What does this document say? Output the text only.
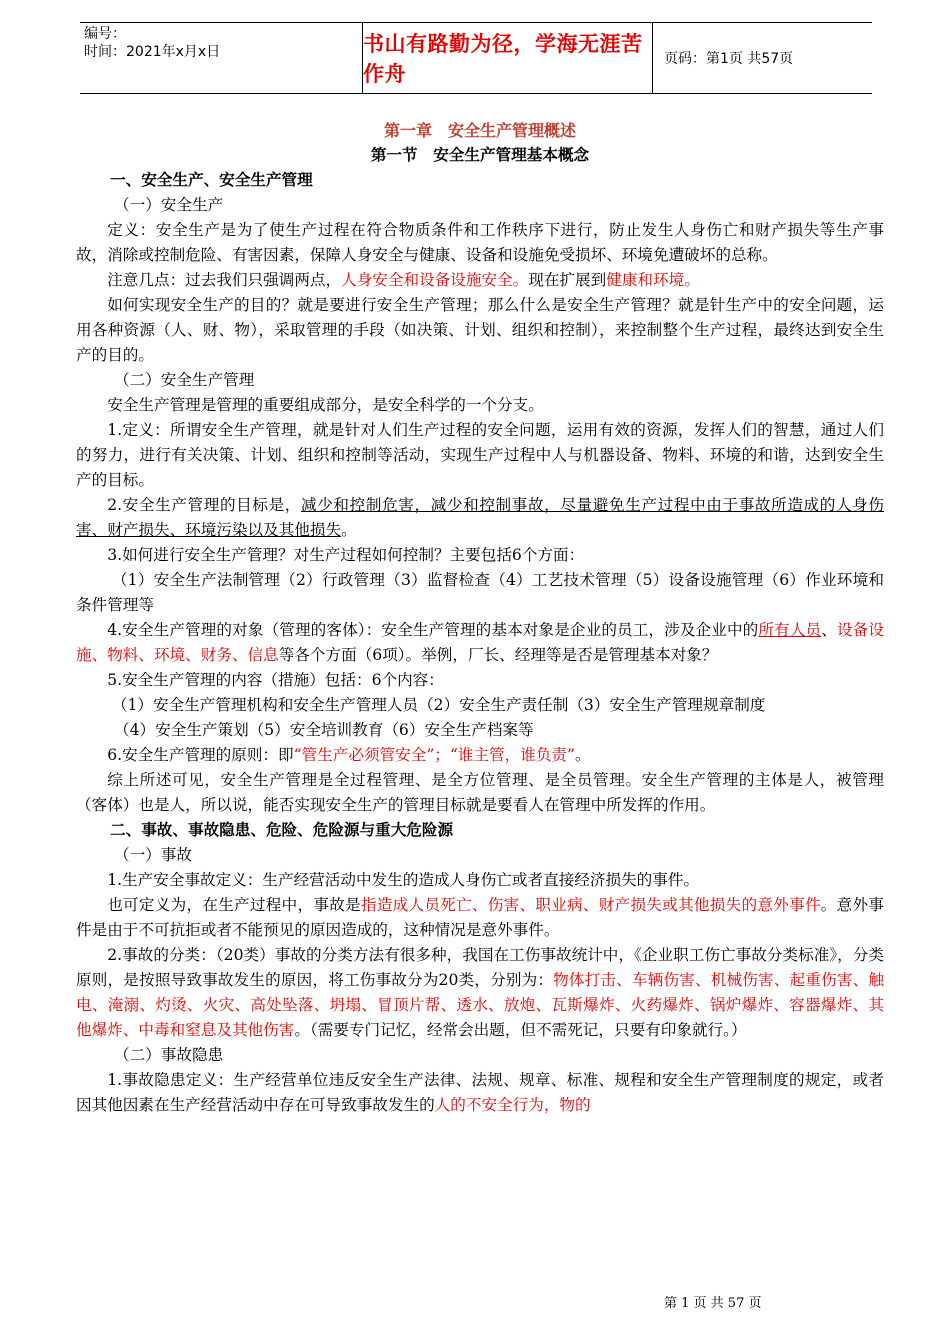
编号：
时间：2021年x月x日	书山有路勤为径，学海无涯苦作舟
页码：第1页 共57页

第一章　安全生产管理概述

第一节　安全生产管理基本概念

一、安全生产、安全生产管理

（一）安全生产

定义：安全生产是为了使生产过程在符合物质条件和工作秩序下进行，防止发生人身伤亡和财产损失等生产事故，消除或控制危险、有害因素，保障人身安全与健康、设备和设施免受损坏、环境免遭破坏的总称。

注意几点：过去我们只强调两点，人身安全和设备设施安全。现在扩展到健康和环境。

如何实现安全生产的目的？就是要进行安全生产管理；那么什么是安全生产管理？就是针生产中的安全问题，运用各种资源（人、财、物），采取管理的手段（如决策、计划、组织和控制），来控制整个生产过程，最终达到安全生产的目的。

（二）安全生产管理

安全生产管理是管理的重要组成部分，是安全科学的一个分支。

1.定义：所谓安全生产管理，就是针对人们生产过程的安全问题，运用有效的资源，发挥人们的智慧，通过人们的努力，进行有关决策、计划、组织和控制等活动，实现生产过程中人与机器设备、物料、环境的和谐，达到安全生产的目标。

2.安全生产管理的目标是，减少和控制危害，减少和控制事故，尽量避免生产过程中由于事故所造成的人身伤害、财产损失、环境污染以及其他损失。

3.如何进行安全生产管理？对生产过程如何控制？主要包括6个方面：

（1）安全生产法制管理（2）行政管理（3）监督检查（4）工艺技术管理（5）设备设施管理（6）作业环境和条件管理等

4.安全生产管理的对象（管理的客体）：安全生产管理的基本对象是企业的员工，涉及企业中的所有人员、设备设施、物料、环境、财务、信息等各个方面（6项）。举例，厂长、经理等是否是管理基本对象？

5.安全生产管理的内容（措施）包括：6个内容：

（1）安全生产管理机构和安全生产管理人员（2）安全生产责任制（3）安全生产管理规章制度

（4）安全生产策划（5）安全培训教育（6）安全生产档案等

6.安全生产管理的原则：即“管生产必须管安全”；“谁主管，谁负责”。

综上所述可见，安全生产管理是全过程管理、是全方位管理、是全员管理。安全生产管理的主体是人，被管理（客体）也是人，所以说，能否实现安全生产的管理目标就是要看人在管理中所发挥的作用。

二、事故、事故隐患、危险、危险源与重大危险源

（一）事故

1.生产安全事故定义：生产经营活动中发生的造成人身伤亡或者直接经济损失的事件。

也可定义为，在生产过程中，事故是指造成人员死亡、伤害、职业病、财产损失或其他损失的意外事件。意外事件是由于不可抗拒或者不能预见的原因造成的，这种情况是意外事件。

2.事故的分类：（20类）事故的分类方法有很多种，我国在工伤事故统计中，《企业职工伤亡事故分类标准》，分类原则，是按照导致事故发生的原因，将工伤事故分为20类，分别为：物体打击、车辆伤害、机械伤害、起重伤害、触电、淹溺、灼烫、火灾、高处坠落、坍塌、冒顶片帮、透水、放炮、瓦斯爆炸、火药爆炸、锅炉爆炸、容器爆炸、其他爆炸、中毒和窒息及其他伤害。（需要专门记忆，经常会出题，但不需死记，只要有印象就行。）

（二）事故隐患

1.事故隐患定义：生产经营单位违反安全生产法律、法规、规章、标准、规程和安全生产管理制度的规定，或者因其他因素在生产经营活动中存在可导致事故发生的人的不安全行为，物的

第 1 页 共 57 页
